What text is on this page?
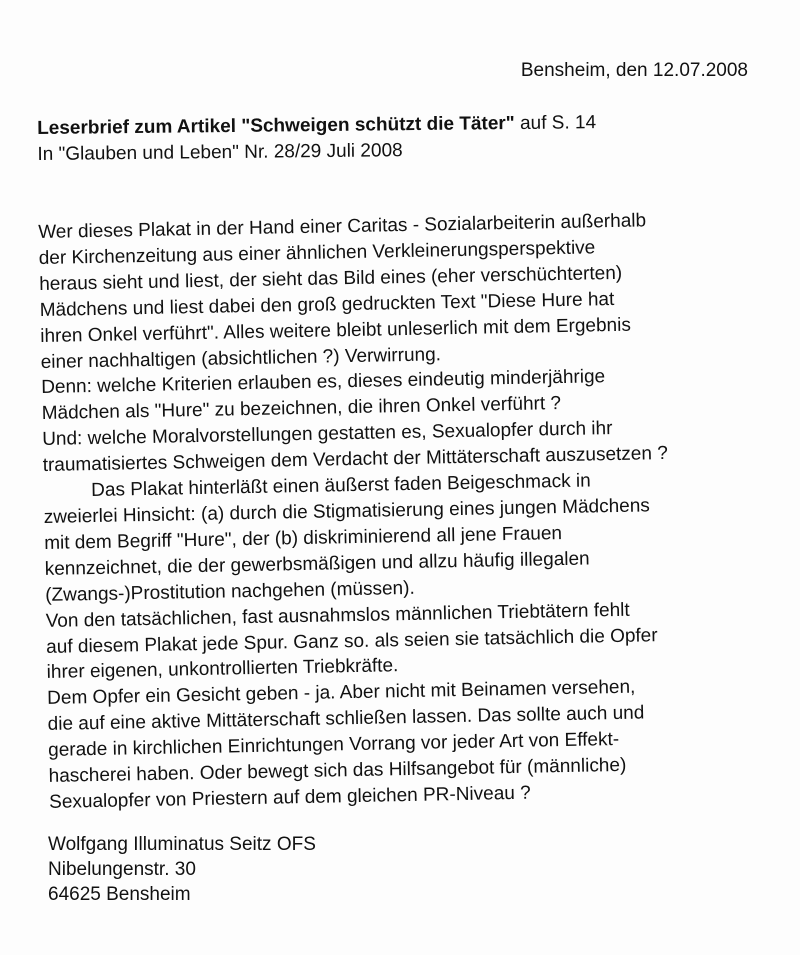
Bensheim, den 12.07.2008
Leserbrief zum Artikel "Schweigen schützt die Täter" auf S. 14
In "Glauben und Leben" Nr. 28/29 Juli 2008
Wer dieses Plakat in der Hand einer Caritas - Sozialarbeiterin außerhalb
der Kirchenzeitung aus einer ähnlichen Verkleinerungsperspektive
heraus sieht und liest, der sieht das Bild eines (eher verschüchterten)
Mädchens und liest dabei den groß gedruckten Text "Diese Hure hat
ihren Onkel verführt". Alles weitere bleibt unleserlich mit dem Ergebnis
einer nachhaltigen (absichtlichen ?) Verwirrung.
Denn: welche Kriterien erlauben es, dieses eindeutig minderjährige
Mädchen als "Hure" zu bezeichnen, die ihren Onkel verführt ?
Und: welche Moralvorstellungen gestatten es, Sexualopfer durch ihr
traumatisiertes Schweigen dem Verdacht der Mittäterschaft auszusetzen ?
Das Plakat hinterläßt einen äußerst faden Beigeschmack in
zweierlei Hinsicht: (a) durch die Stigmatisierung eines jungen Mädchens
mit dem Begriff "Hure", der (b) diskriminierend all jene Frauen
kennzeichnet, die der gewerbsmäßigen und allzu häufig illegalen
(Zwangs-)Prostitution nachgehen (müssen).
Von den tatsächlichen, fast ausnahmslos männlichen Triebtätern fehlt
auf diesem Plakat jede Spur. Ganz so. als seien sie tatsächlich die Opfer
ihrer eigenen, unkontrollierten Triebkräfte.
Dem Opfer ein Gesicht geben - ja. Aber nicht mit Beinamen versehen,
die auf eine aktive Mittäterschaft schließen lassen. Das sollte auch und
gerade in kirchlichen Einrichtungen Vorrang vor jeder Art von Effekt-
hascherei haben. Oder bewegt sich das Hilfsangebot für (männliche)
Sexualopfer von Priestern auf dem gleichen PR-Niveau ?
Wolfgang Illuminatus Seitz OFS
Nibelungenstr. 30
64625 Bensheim
